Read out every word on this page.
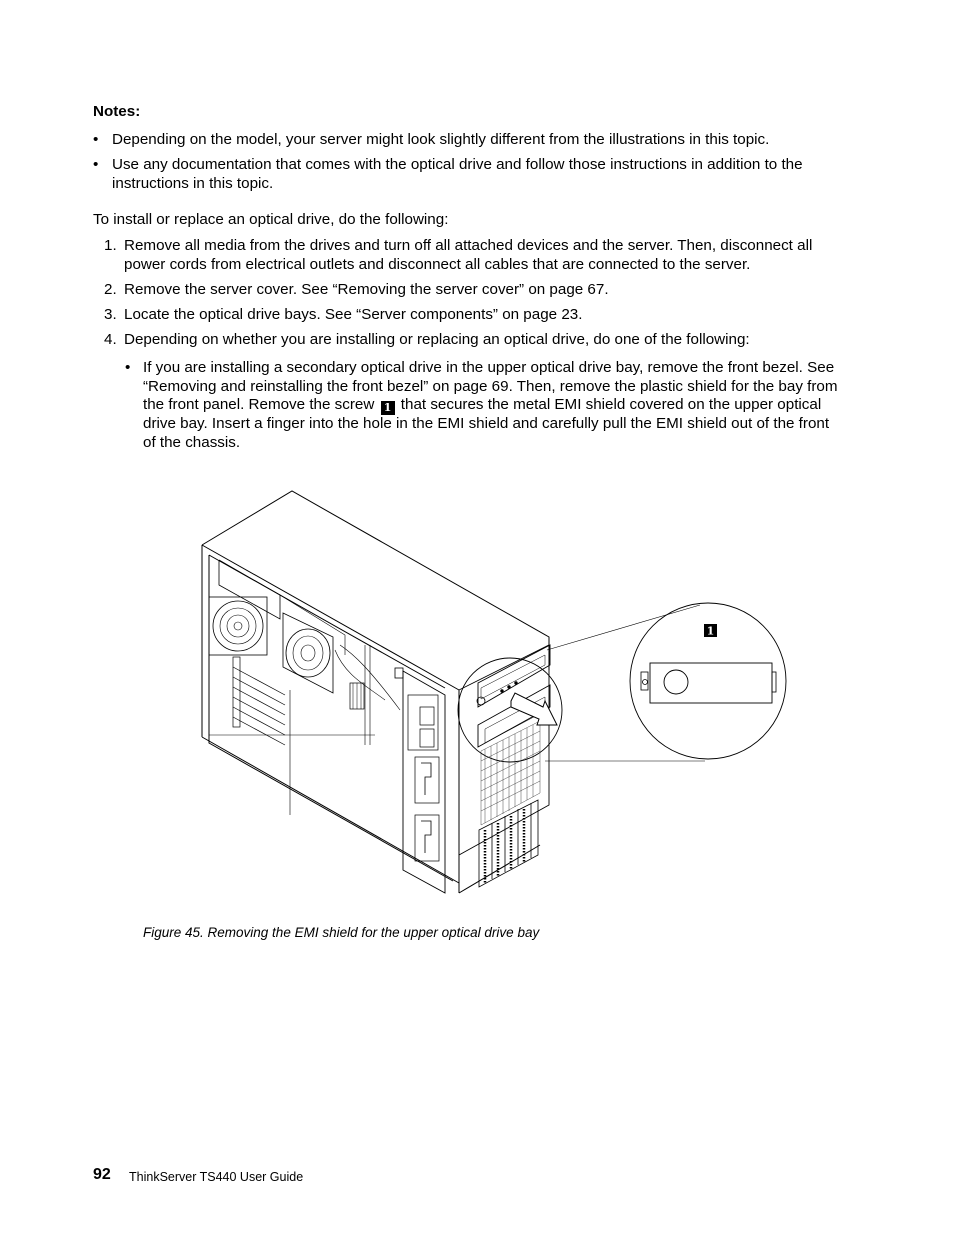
Notes:
• Depending on the model, your server might look slightly different from the illustrations in this topic.
• Use any documentation that comes with the optical drive and follow those instructions in addition to the instructions in this topic.
To install or replace an optical drive, do the following:
1. Remove all media from the drives and turn off all attached devices and the server. Then, disconnect all power cords from electrical outlets and disconnect all cables that are connected to the server.
2. Remove the server cover. See “Removing the server cover” on page 67.
3. Locate the optical drive bays. See “Server components” on page 23.
4. Depending on whether you are installing or replacing an optical drive, do one of the following:
• If you are installing a secondary optical drive in the upper optical drive bay, remove the front bezel. See “Removing and reinstalling the front bezel” on page 69. Then, remove the plastic shield for the bay from the front panel. Remove the screw 1 that secures the metal EMI shield covered on the upper optical drive bay. Insert a finger into the hole in the EMI shield and carefully pull the EMI shield out of the front of the chassis.
1
Figure 45. Removing the EMI shield for the upper optical drive bay
92 ThinkServer TS440 User Guide
